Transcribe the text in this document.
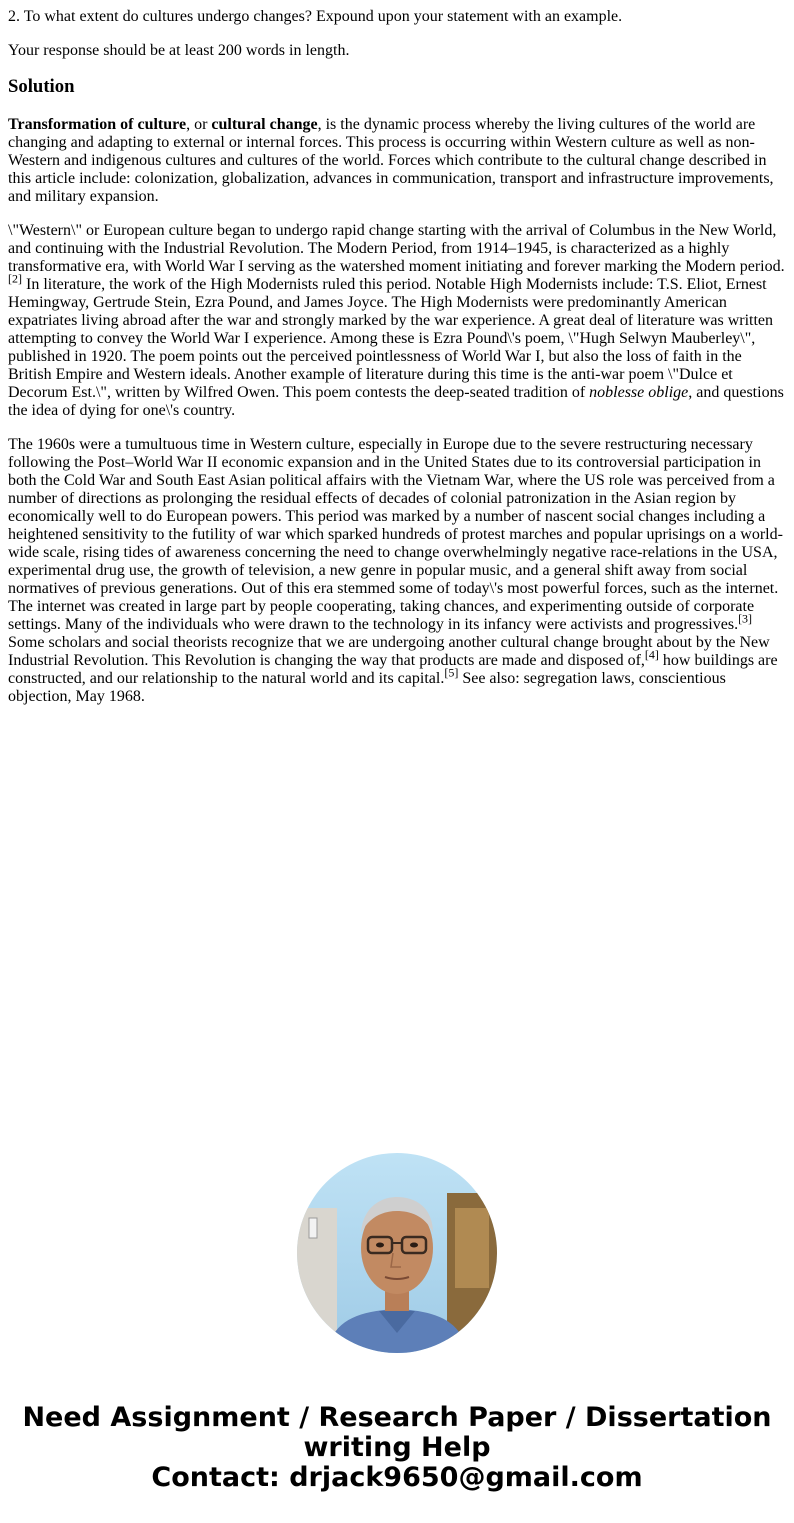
2. To what extent do cultures undergo changes? Expound upon your statement with an example.

Your response should be at least 200 words in length.

Solution

Transformation of culture, or cultural change, is the dynamic process whereby the living cultures of the world are changing and adapting to external or internal forces. This process is occurring within Western culture as well as non-Western and indigenous cultures and cultures of the world. Forces which contribute to the cultural change described in this article include: colonization, globalization, advances in communication, transport and infrastructure improvements, and military expansion.

\"Western\" or European culture began to undergo rapid change starting with the arrival of Columbus in the New World, and continuing with the Industrial Revolution. The Modern Period, from 1914–1945, is characterized as a highly transformative era, with World War I serving as the watershed moment initiating and forever marking the Modern period.[2] In literature, the work of the High Modernists ruled this period. Notable High Modernists include: T.S. Eliot, Ernest Hemingway, Gertrude Stein, Ezra Pound, and James Joyce. The High Modernists were predominantly American expatriates living abroad after the war and strongly marked by the war experience. A great deal of literature was written attempting to convey the World War I experience. Among these is Ezra Pound\'s poem, \"Hugh Selwyn Mauberley\", published in 1920. The poem points out the perceived pointlessness of World War I, but also the loss of faith in the British Empire and Western ideals. Another example of literature during this time is the anti-war poem \"Dulce et Decorum Est.\", written by Wilfred Owen. This poem contests the deep-seated tradition of noblesse oblige, and questions the idea of dying for one\'s country.

The 1960s were a tumultuous time in Western culture, especially in Europe due to the severe restructuring necessary following the Post–World War II economic expansion and in the United States due to its controversial participation in both the Cold War and South East Asian political affairs with the Vietnam War, where the US role was perceived from a number of directions as prolonging the residual effects of decades of colonial patronization in the Asian region by economically well to do European powers. This period was marked by a number of nascent social changes including a heightened sensitivity to the futility of war which sparked hundreds of protest marches and popular uprisings on a world-wide scale, rising tides of awareness concerning the need to change overwhelmingly negative race-relations in the USA, experimental drug use, the growth of television, a new genre in popular music, and a general shift away from social normatives of previous generations. Out of this era stemmed some of today\'s most powerful forces, such as the internet. The internet was created in large part by people cooperating, taking chances, and experimenting outside of corporate settings. Many of the individuals who were drawn to the technology in its infancy were activists and progressives.[3] Some scholars and social theorists recognize that we are undergoing another cultural change brought about by the New Industrial Revolution. This Revolution is changing the way that products are made and disposed of,[4] how buildings are constructed, and our relationship to the natural world and its capital.[5] See also: segregation laws, conscientious objection, May 1968.

Need Assignment / Research Paper / Dissertation
writing Help
Contact: drjack9650@gmail.com
